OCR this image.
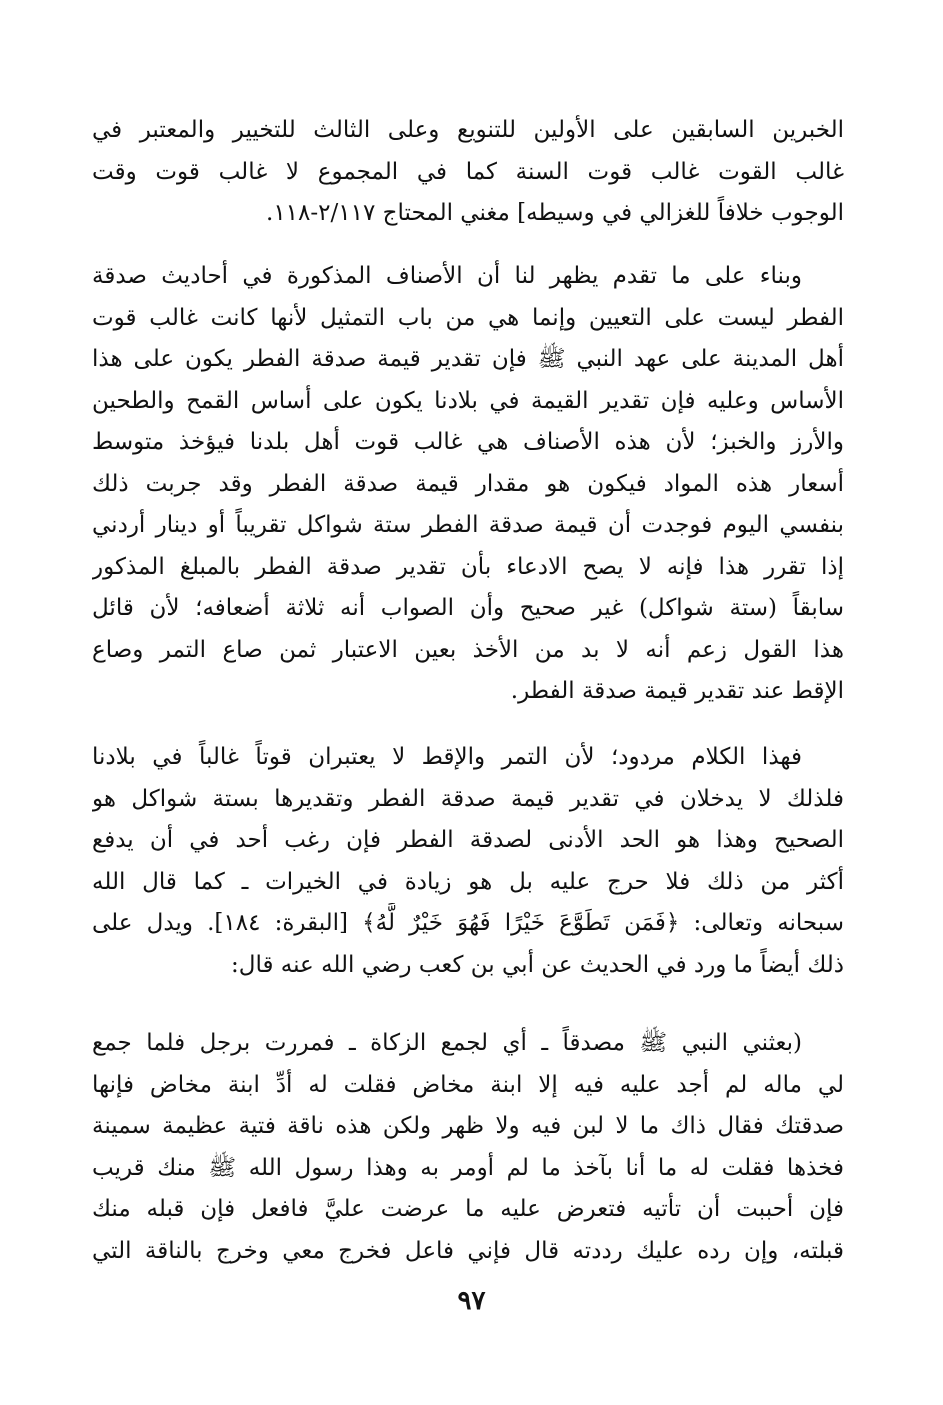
الخبرين السابقين على الأولين للتنويع وعلى الثالث للتخيير والمعتبر في
غالب القوت غالب قوت السنة كما في المجموع لا غالب قوت وقت
الوجوب خلافاً للغزالي في وسيطه] مغني المحتاج ٢/١١٧-١١٨.
وبناء على ما تقدم يظهر لنا أن الأصناف المذكورة في أحاديث صدقة
الفطر ليست على التعيين وإنما هي من باب التمثيل لأنها كانت غالب قوت
أهل المدينة على عهد النبي ﷺ فإن تقدير قيمة صدقة الفطر يكون على هذا
الأساس وعليه فإن تقدير القيمة في بلادنا يكون على أساس القمح والطحين
والأرز والخبز؛ لأن هذه الأصناف هي غالب قوت أهل بلدنا فيؤخذ متوسط
أسعار هذه المواد فيكون هو مقدار قيمة صدقة الفطر وقد جربت ذلك
بنفسي اليوم فوجدت أن قيمة صدقة الفطر ستة شواكل تقريباً أو دينار أردني
إذا تقرر هذا فإنه لا يصح الادعاء بأن تقدير صدقة الفطر بالمبلغ المذكور
سابقاً (ستة شواكل) غير صحيح وأن الصواب أنه ثلاثة أضعافه؛ لأن قائل
هذا القول زعم أنه لا بد من الأخذ بعين الاعتبار ثمن صاع التمر وصاع
الإقط عند تقدير قيمة صدقة الفطر.
فهذا الكلام مردود؛ لأن التمر والإقط لا يعتبران قوتاً غالباً في بلادنا
فلذلك لا يدخلان في تقدير قيمة صدقة الفطر وتقديرها بستة شواكل هو
الصحيح وهذا هو الحد الأدنى لصدقة الفطر فإن رغب أحد في أن يدفع
أكثر من ذلك فلا حرج عليه بل هو زيادة في الخيرات ـ كما قال الله
سبحانه وتعالى: ﴿فَمَن تَطَوَّعَ خَيْرًا فَهُوَ خَيْرٌ لَّهُ﴾ [البقرة: ١٨٤]. ويدل على
ذلك أيضاً ما ورد في الحديث عن أبي بن كعب رضي الله عنه قال:
(بعثني النبي ﷺ مصدقاً ـ أي لجمع الزكاة ـ فمررت برجل فلما جمع
لي ماله لم أجد عليه فيه إلا ابنة مخاض فقلت له أدِّ ابنة مخاض فإنها
صدقتك فقال ذاك ما لا لبن فيه ولا ظهر ولكن هذه ناقة فتية عظيمة سمينة
فخذها فقلت له ما أنا بآخذ ما لم أومر به وهذا رسول الله ﷺ منك قريب
فإن أحببت أن تأتيه فتعرض عليه ما عرضت عليَّ فافعل فإن قبله منك
قبلته، وإن رده عليك رددته قال فإني فاعل فخرج معي وخرج بالناقة التي
٩٧
